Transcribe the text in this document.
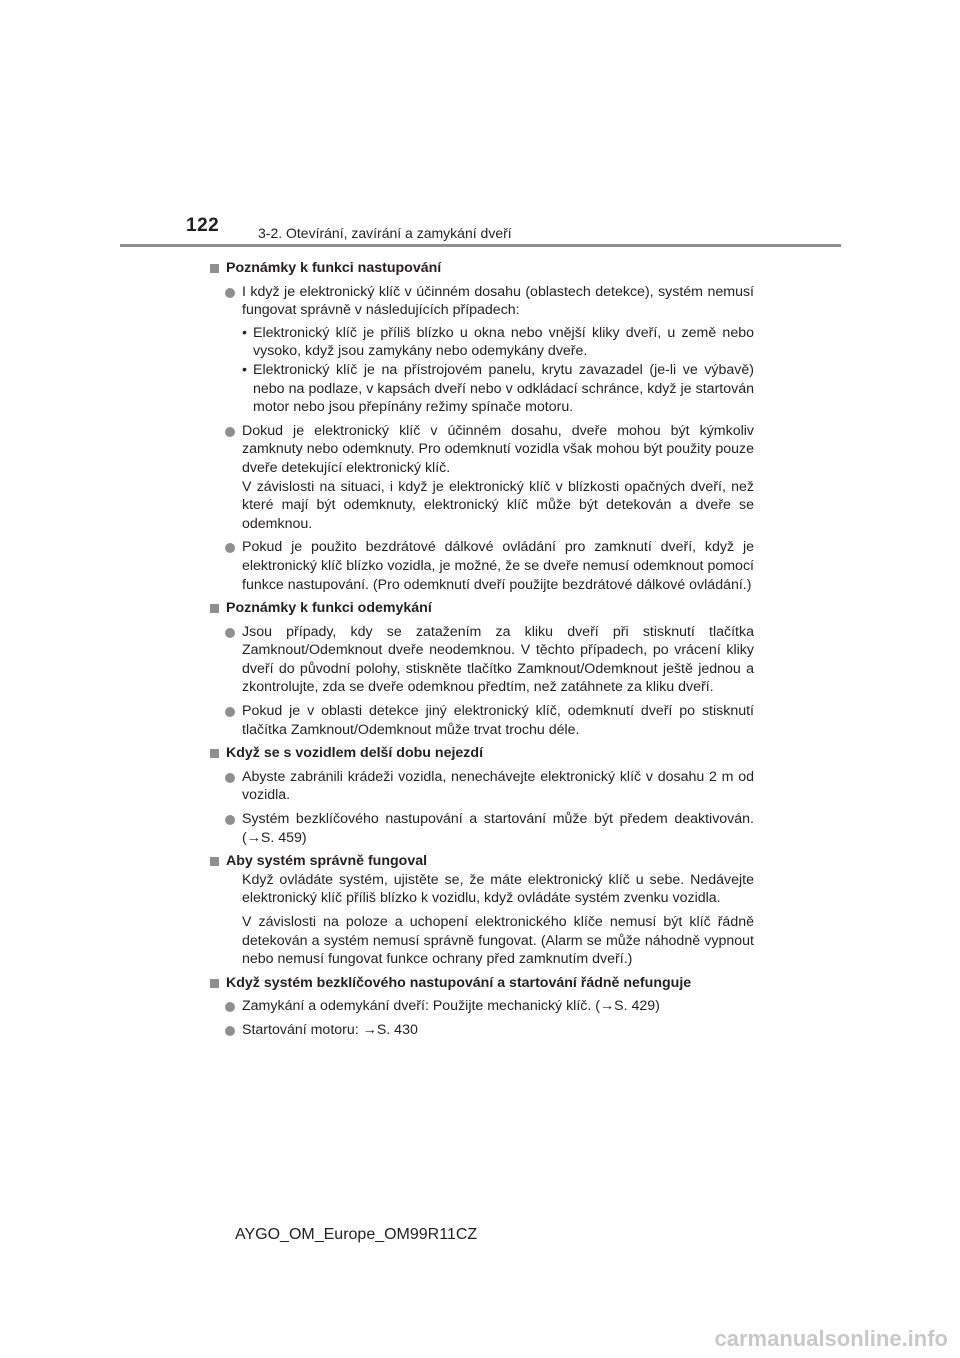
122	3-2. Otevírání, zavírání a zamykání dveří
Poznámky k funkci nastupování
I když je elektronický klíč v účinném dosahu (oblastech detekce), systém nemusí fungovat správně v následujících případech:
• Elektronický klíč je příliš blízko u okna nebo vnější kliky dveří, u země nebo vysoko, když jsou zamykány nebo odemykány dveře.
• Elektronický klíč je na přístrojovém panelu, krytu zavazadel (je-li ve výbavě) nebo na podlaze, v kapsách dveří nebo v odkládací schránce, když je startován motor nebo jsou přepínány režimy spínače motoru.
Dokud je elektronický klíč v účinném dosahu, dveře mohou být kýmkoliv zamknuty nebo odemknuty. Pro odemknutí vozidla však mohou být použity pouze dveře detekující elektronický klíč.
V závislosti na situaci, i když je elektronický klíč v blízkosti opačných dveří, než které mají být odemknuty, elektronický klíč může být detekován a dveře se odemknou.
Pokud je použito bezdrátové dálkové ovládání pro zamknutí dveří, když je elektronický klíč blízko vozidla, je možné, že se dveře nemusí odemknout pomocí funkce nastupování. (Pro odemknutí dveří použijte bezdrátové dálkové ovládání.)
Poznámky k funkci odemykání
Jsou případy, kdy se zatažením za kliku dveří při stisknutí tlačítka Zamknout/Odemknout dveře neodemknou. V těchto případech, po vrácení kliky dveří do původní polohy, stiskněte tlačítko Zamknout/Odemknout ještě jednou a zkontrolujte, zda se dveře odemknou předtím, než zatáhnete za kliku dveří.
Pokud je v oblasti detekce jiný elektronický klíč, odemknutí dveří po stisknutí tlačítka Zamknout/Odemknout může trvat trochu déle.
Když se s vozidlem delší dobu nejezdí
Abyste zabránili krádeži vozidla, nenechávejte elektronický klíč v dosahu 2 m od vozidla.
Systém bezklíčového nastupování a startování může být předem deaktivován. (→S. 459)
Aby systém správně fungoval
Když ovládáte systém, ujistěte se, že máte elektronický klíč u sebe. Nedávejte elektronický klíč příliš blízko k vozidlu, když ovládáte systém zvenku vozidla.
V závislosti na poloze a uchopení elektronického klíče nemusí být klíč řádně detekován a systém nemusí správně fungovat. (Alarm se může náhodně vypnout nebo nemusí fungovat funkce ochrany před zamknutím dveří.)
Když systém bezklíčového nastupování a startování řádně nefunguje
Zamykání a odemykání dveří: Použijte mechanický klíč. (→S. 429)
Startování motoru: →S. 430
AYGO_OM_Europe_OM99R11CZ
carmanualsonline.info
